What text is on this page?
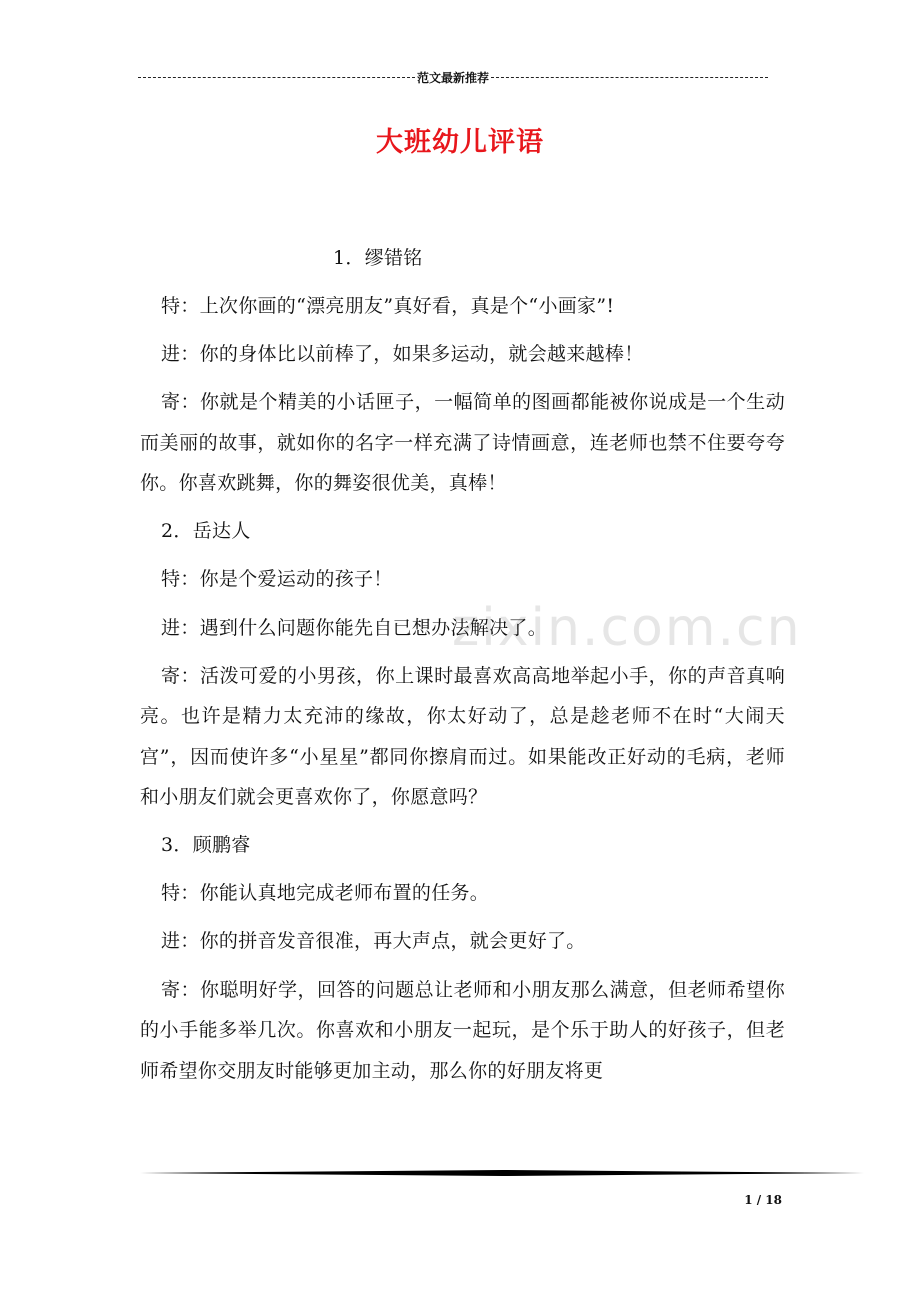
范文最新推荐
大班幼儿评语
zixin.com.cn

1．缪错铭

特：上次你画的“漂亮朋友”真好看，真是个“小画家”!

进：你的身体比以前棒了，如果多运动，就会越来越棒！

寄：你就是个精美的小话匣子，一幅简单的图画都能被你说成是一个生动而美丽的故事，就如你的名字一样充满了诗情画意，连老师也禁不住要夸夸你。你喜欢跳舞，你的舞姿很优美，真棒！

2．岳达人

特：你是个爱运动的孩子！

进：遇到什么问题你能先自已想办法解决了。

寄：活泼可爱的小男孩，你上课时最喜欢高高地举起小手，你的声音真响亮。也许是精力太充沛的缘故，你太好动了，总是趁老师不在时“大闹天宫”，因而使许多“小星星”都同你擦肩而过。如果能改正好动的毛病，老师和小朋友们就会更喜欢你了，你愿意吗？

3．顾鹏睿

特：你能认真地完成老师布置的任务。

进：你的拼音发音很准，再大声点，就会更好了。

寄：你聪明好学，回答的问题总让老师和小朋友那么满意，但老师希望你的小手能多举几次。你喜欢和小朋友一起玩，是个乐于助人的好孩子，但老师希望你交朋友时能够更加主动，那么你的好朋友将更

1 / 18
